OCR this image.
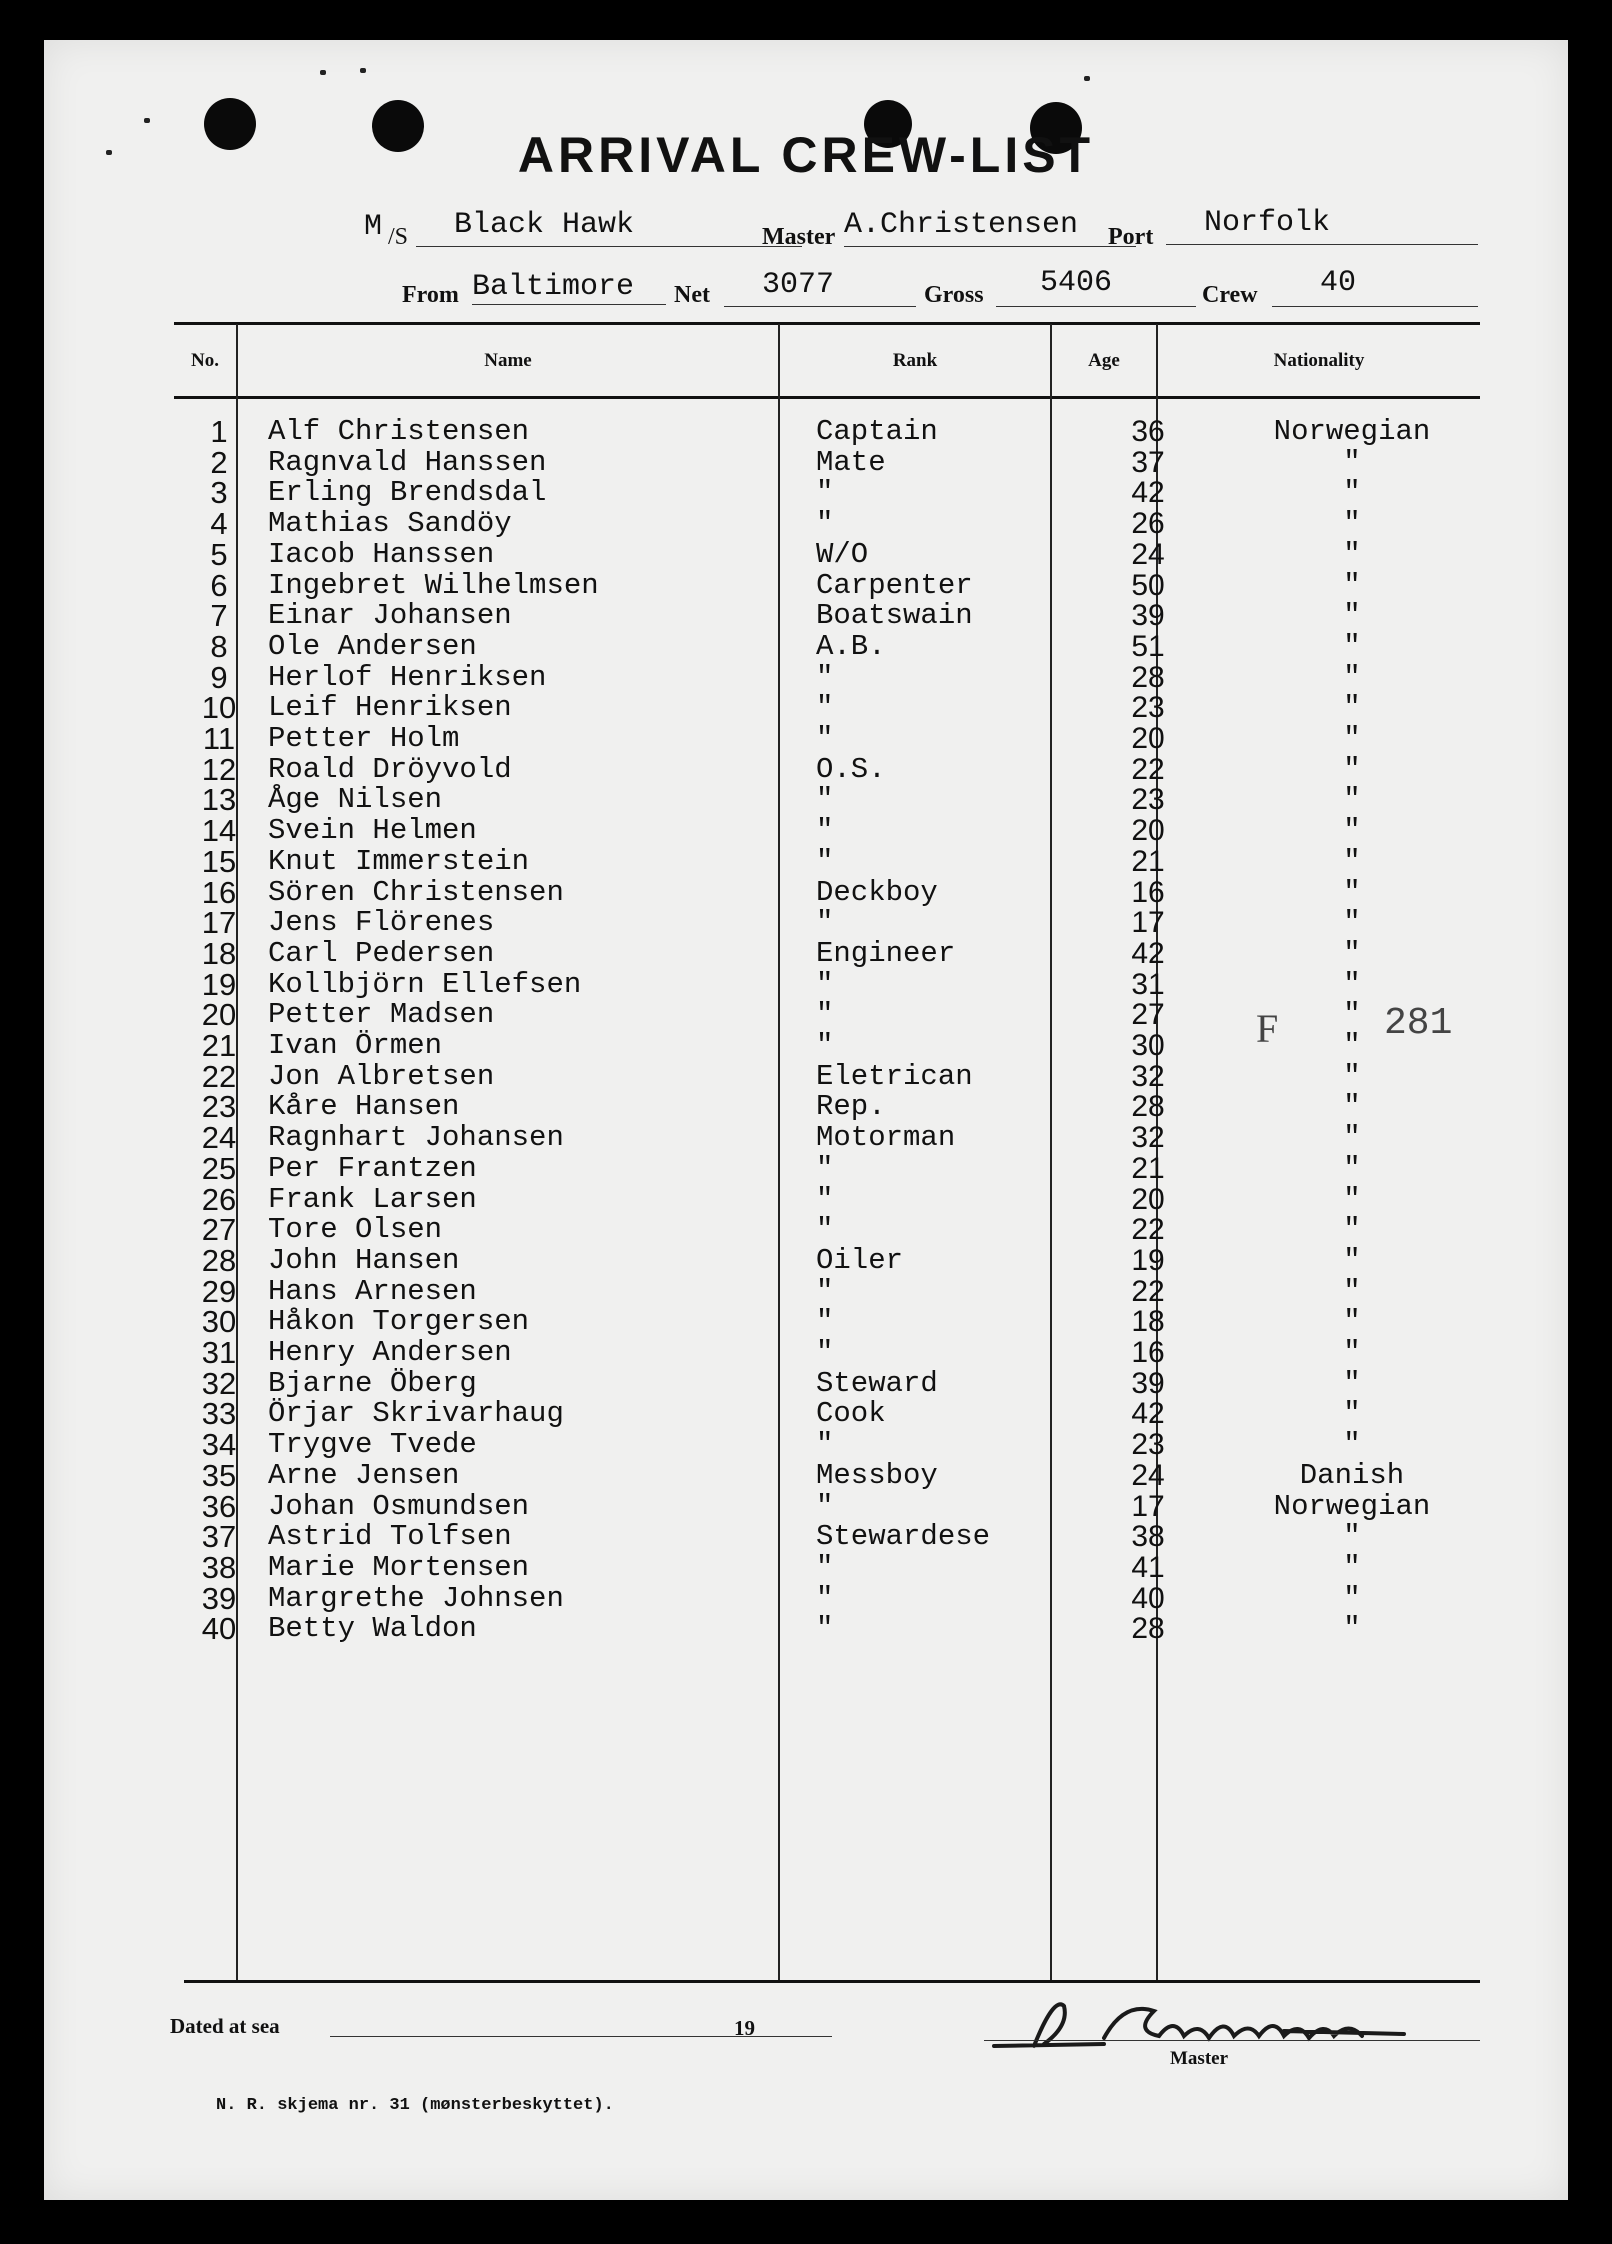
ARRIVAL CREW-LIST
M /S Black Hawk	Master A.Christensen Port Norfolk
From Baltimore Net 3077	Gross 5406	Crew 40
No.	Name	Rank	Age	Nationality
1	Alf Christensen	Captain	36	Norwegian
2	Ragnvald Hanssen	Mate	37	"
3	Erling Brendsdal	"	42	"
4	Mathias Sandöy	"	26	"
5	Iacob Hanssen	W/O	24	"
6	Ingebret Wilhelmsen	Carpenter	50	"
7	Einar Johansen	Boatswain	39	"
8	Ole Andersen	A.B.	51	"
9	Herlof Henriksen	"	28	"
10	Leif Henriksen	"	23	"
11	Petter Holm	"	20	"
12	Roald Dröyvold	O.S.	22	"
13	Åge Nilsen	"	23	"
14	Svein Helmen	"	20	"
15	Knut Immerstein	"	21	"
16	Sören Christensen	Deckboy	16	"
17	Jens Flörenes	"	17	"
18	Carl Pedersen	Engineer	42	"
19	Kollbjörn Ellefsen	"	31	"
20	Petter Madsen	"	27	"
21	Ivan Örmen	"	30	"
22	Jon Albretsen	Eletrican	32	"
23	Kåre Hansen	Rep.	28	"
24	Ragnhart Johansen	Motorman	32	"
25	Per Frantzen	"	21	"
26	Frank Larsen	"	20	"
27	Tore Olsen	"	22	"
28	John Hansen	Oiler	19	"
29	Hans Arnesen	"	22	"
30	Håkon Torgersen	"	18	"
31	Henry Andersen	"	16	"
32	Bjarne Öberg	Steward	39	"
33	Örjar Skrivarhaug	Cook	42	"
34	Trygve Tvede	"	23	"
35	Arne Jensen	Messboy	24	Danish
36	Johan Osmundsen	"	17	Norwegian
37	Astrid Tolfsen	Stewardese	38	"
38	Marie Mortensen	"	41	"
39	Margrethe Johnsen	"	40	"
40	Betty Waldon	"	28	"
F	281
Dated at sea	19
Master
N. R. skjema nr. 31 (mønsterbeskyttet).
